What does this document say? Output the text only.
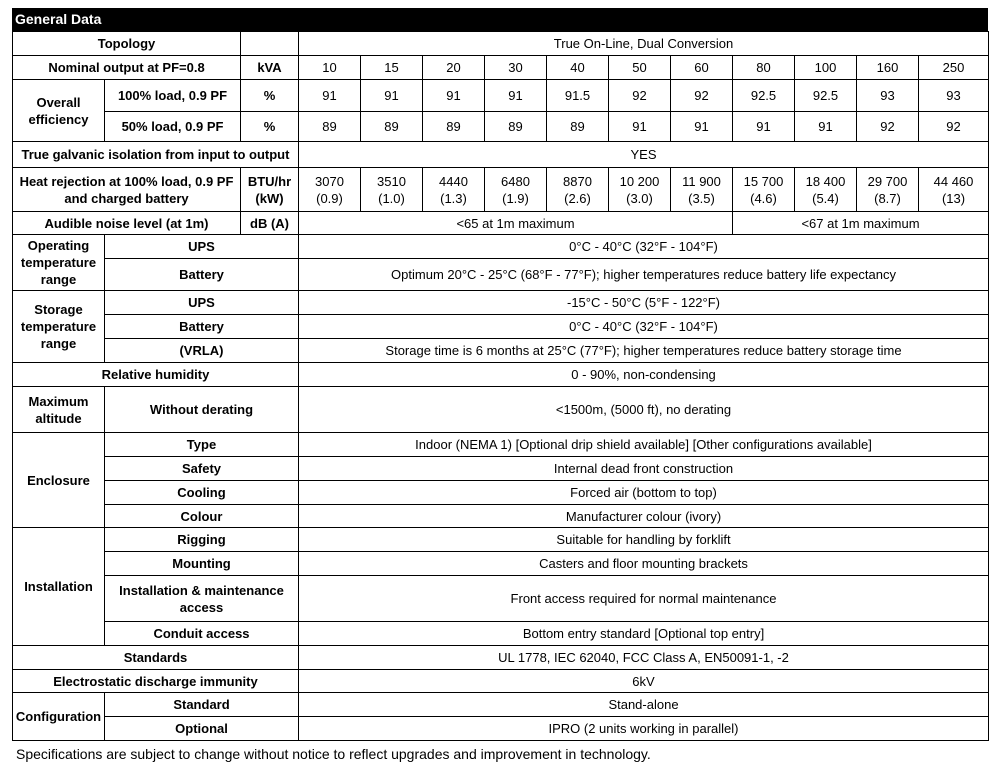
General Data
Topology			True On-Line, Dual Conversion										
Nominal output at PF=0.8		kVA	10	15	20	30	40	50	60	80	100	160	250
Overall efficiency	100% load, 0.9 PF	%	91	91	91	91	91.5	92	92	92.5	92.5	93	93
	50% load, 0.9 PF	%	89	89	89	89	89	91	91	91	91	92	92
True galvanic isolation from input to output			YES										
Heat rejection at 100% load, 0.9 PF and charged battery		BTU/hr (kW)	3070 (0.9)	3510 (1.0)	4440 (1.3)	6480 (1.9)	8870 (2.6)	10 200 (3.0)	11 900 (3.5)	15 700 (4.6)	18 400 (5.4)	29 700 (8.7)	44 460 (13)
Audible noise level (at 1m)		dB (A)	<65 at 1m maximum							<67 at 1m maximum			
Operating temperature range	UPS		0°C - 40°C (32°F - 104°F)										
	Battery		Optimum 20°C - 25°C (68°F - 77°F); higher temperatures reduce battery life expectancy										
Storage temperature range	UPS		-15°C - 50°C (5°F - 122°F)										
	Battery		0°C - 40°C (32°F - 104°F)										
	(VRLA)		Storage time is 6 months at 25°C (77°F); higher temperatures reduce battery storage time										
Relative humidity			0 - 90%, non-condensing										
Maximum altitude	Without derating		<1500m, (5000 ft), no derating										
Enclosure	Type		Indoor (NEMA 1) [Optional drip shield available] [Other configurations available]										
	Safety		Internal dead front construction										
	Cooling		Forced air (bottom to top)										
	Colour		Manufacturer colour (ivory)										
Installation	Rigging		Suitable for handling by forklift										
	Mounting		Casters and floor mounting brackets										
	Installation & maintenance access		Front access required for normal maintenance										
	Conduit access		Bottom entry standard [Optional top entry]										
Standards			UL 1778, IEC 62040, FCC Class A, EN50091-1, -2										
Electrostatic discharge immunity			6kV										
Configuration	Standard		Stand-alone										
	Optional		IPRO (2 units working in parallel)										
Specifications are subject to change without notice to reflect upgrades and improvement in technology.
